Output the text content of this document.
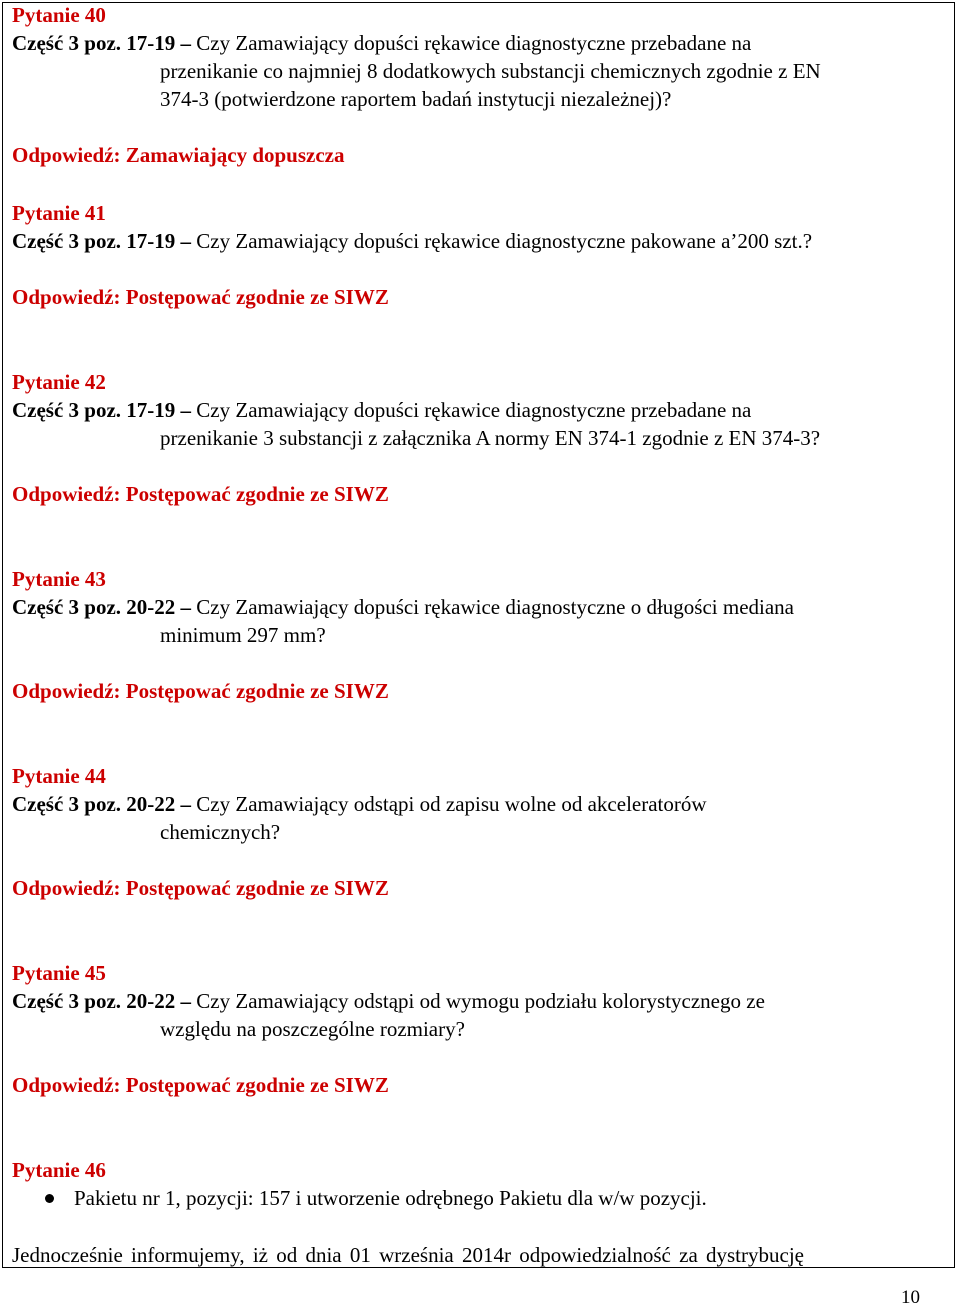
Pytanie 40
Część 3 poz. 17-19 – Czy Zamawiający dopuści rękawice diagnostyczne przebadane na
przenikanie co najmniej 8 dodatkowych substancji chemicznych zgodnie z EN
374-3 (potwierdzone raportem badań instytucji niezależnej)?
Odpowiedź: Zamawiający dopuszcza
Pytanie 41
Część 3 poz. 17-19 – Czy Zamawiający dopuści rękawice diagnostyczne pakowane a’200 szt.?
Odpowiedź: Postępować zgodnie ze SIWZ
Pytanie 42
Część 3 poz. 17-19 – Czy Zamawiający dopuści rękawice diagnostyczne przebadane na
przenikanie 3 substancji z załącznika A normy EN 374-1 zgodnie z EN 374-3?
Odpowiedź: Postępować zgodnie ze SIWZ
Pytanie 43
Część 3 poz. 20-22 – Czy Zamawiający dopuści rękawice diagnostyczne o długości mediana
minimum 297 mm?
Odpowiedź: Postępować zgodnie ze SIWZ
Pytanie 44
Część 3 poz. 20-22 – Czy Zamawiający odstąpi od zapisu wolne od akceleratorów
chemicznych?
Odpowiedź: Postępować zgodnie ze SIWZ
Pytanie 45
Część 3 poz. 20-22 – Czy Zamawiający odstąpi od wymogu podziału kolorystycznego ze
względu na poszczególne rozmiary?
Odpowiedź: Postępować zgodnie ze SIWZ
Pytanie 46
Pakietu nr 1, pozycji: 157 i utworzenie odrębnego Pakietu dla w/w pozycji.
Jednocześnie informujemy, iż od dnia 01 września 2014r odpowiedzialność za dystrybucję
10
